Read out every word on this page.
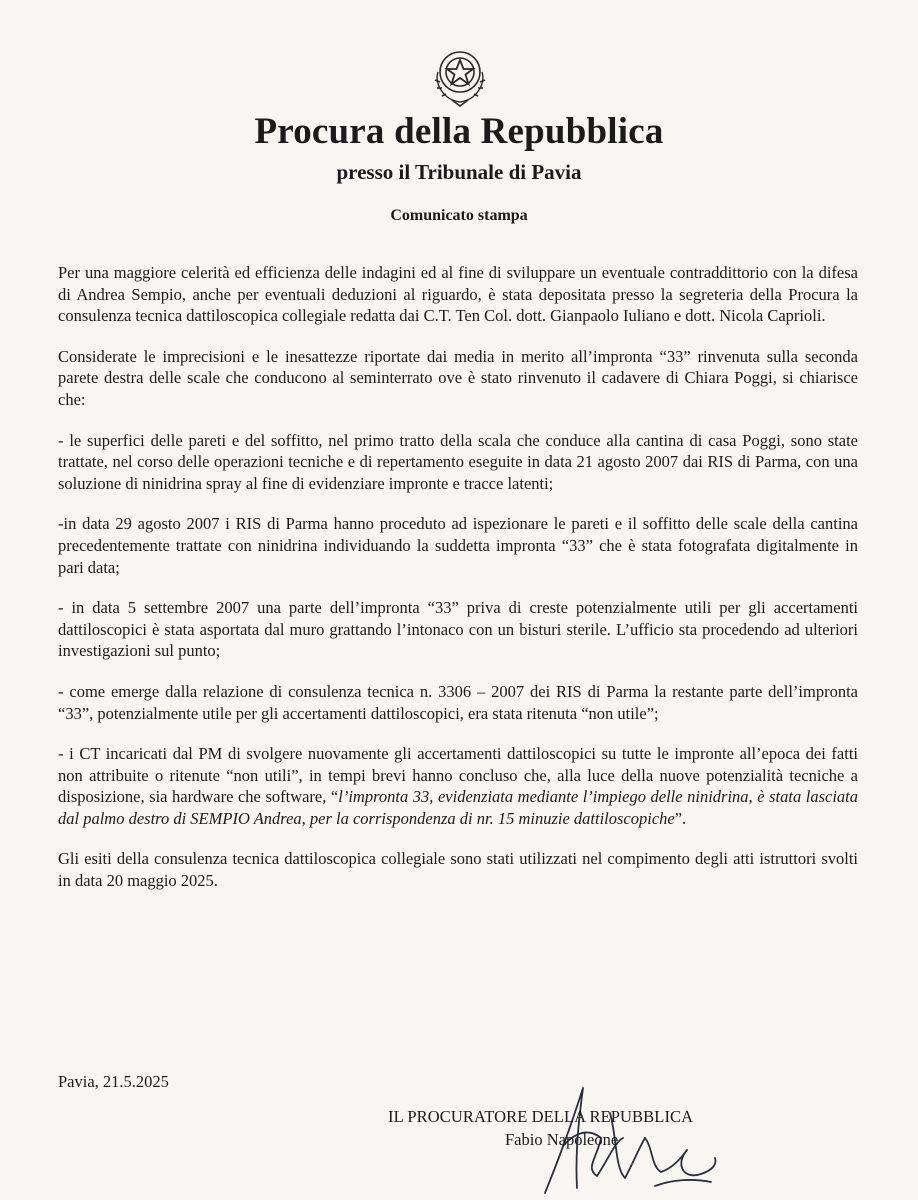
Procura della Repubblica
presso il Tribunale di Pavia
Comunicato stampa

Per una maggiore celerità ed efficienza delle indagini ed al fine di sviluppare un eventuale contraddittorio con la difesa di Andrea Sempio, anche per eventuali deduzioni al riguardo, è stata depositata presso la segreteria della Procura la consulenza tecnica dattiloscopica collegiale redatta dai C.T. Ten Col. dott. Gianpaolo Iuliano e dott. Nicola Caprioli.

Considerate le imprecisioni e le inesattezze riportate dai media in merito all’impronta “33” rinvenuta sulla seconda parete destra delle scale che conducono al seminterrato ove è stato rinvenuto il cadavere di Chiara Poggi, si chiarisce che:

- le superfici delle pareti e del soffitto, nel primo tratto della scala che conduce alla cantina di casa Poggi, sono state trattate, nel corso delle operazioni tecniche e di repertamento eseguite in data 21 agosto 2007 dai RIS di Parma, con una soluzione di ninidrina spray al fine di evidenziare impronte e tracce latenti;

-in data 29 agosto 2007 i RIS di Parma hanno proceduto ad ispezionare le pareti e il soffitto delle scale della cantina precedentemente trattate con ninidrina individuando la suddetta impronta “33” che è stata fotografata digitalmente in pari data;

- in data 5 settembre 2007 una parte dell’impronta “33” priva di creste potenzialmente utili per gli accertamenti dattiloscopici è stata asportata dal muro grattando l’intonaco con un bisturi sterile. L’ufficio sta procedendo ad ulteriori investigazioni sul punto;

- come emerge dalla relazione di consulenza tecnica n. 3306 – 2007 dei RIS di Parma la restante parte dell’impronta “33”, potenzialmente utile per gli accertamenti dattiloscopici, era stata ritenuta “non utile”;

- i CT incaricati dal PM di svolgere nuovamente gli accertamenti dattiloscopici su tutte le impronte all’epoca dei fatti non attribuite o ritenute “non utili”, in tempi brevi hanno concluso che, alla luce della nuove potenzialità tecniche a disposizione, sia hardware che software, “l’impronta 33, evidenziata mediante l’impiego delle ninidrina, è stata lasciata dal palmo destro di SEMPIO Andrea, per la corrispondenza di nr. 15 minuzie dattiloscopiche”.

Gli esiti della consulenza tecnica dattiloscopica collegiale sono stati utilizzati nel compimento degli atti istruttori svolti in data 20 maggio 2025.

Pavia, 21.5.2025
IL PROCURATORE DELLA REPUBBLICA
Fabio Napoleone
